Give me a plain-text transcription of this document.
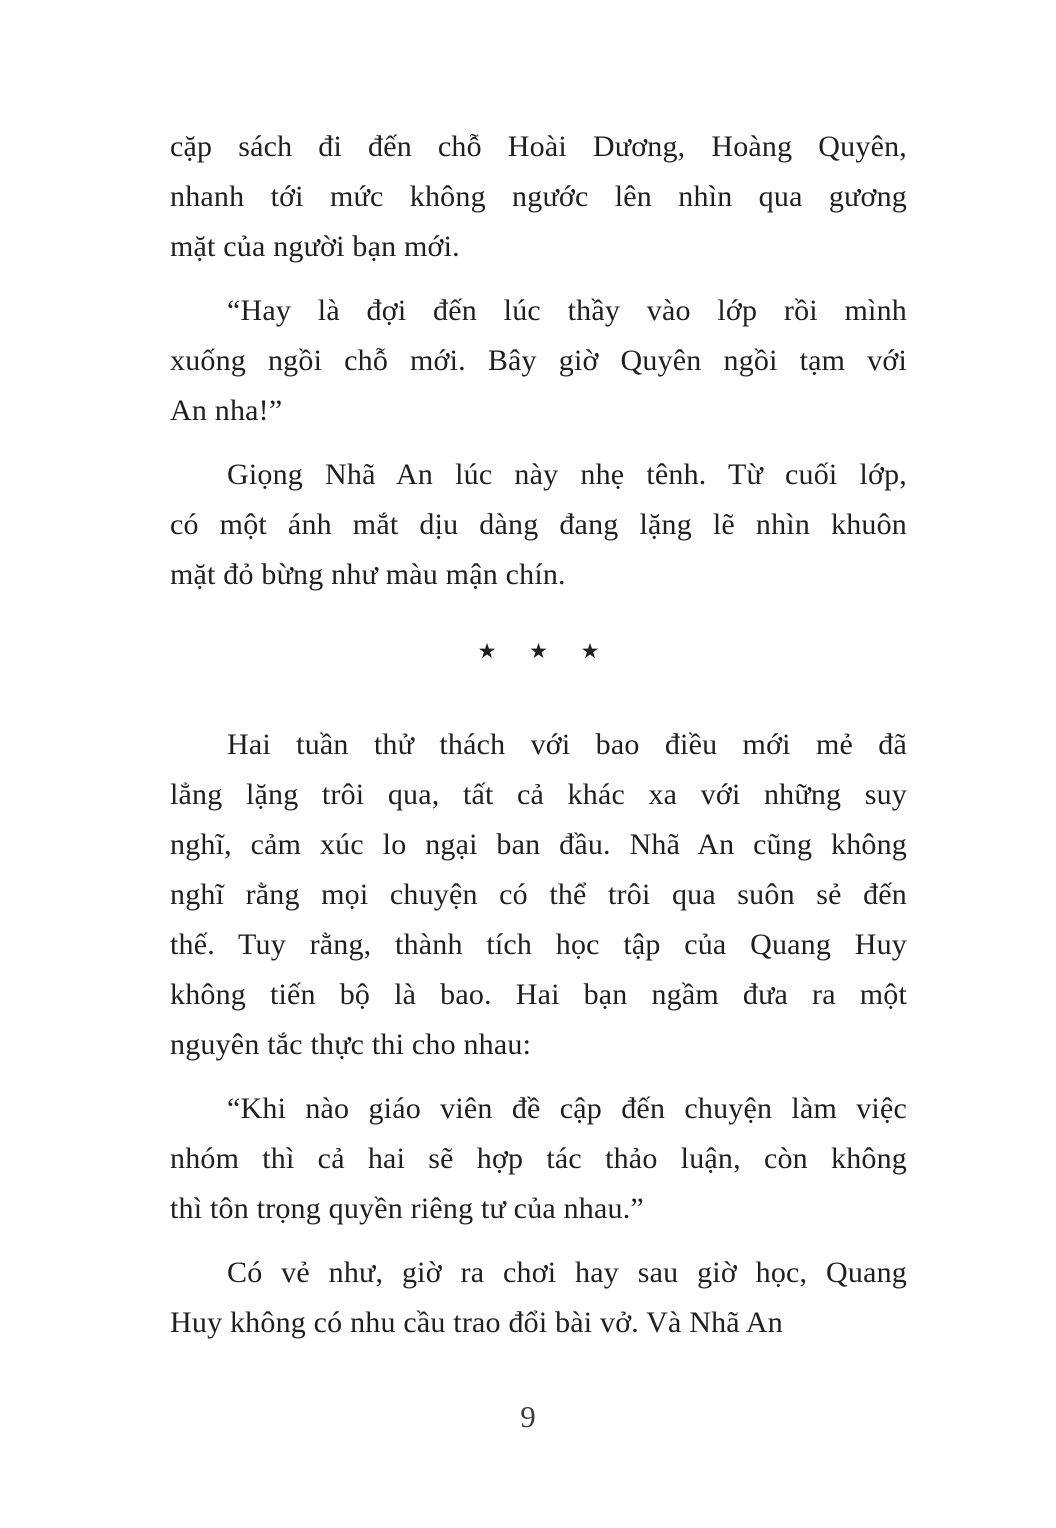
cặp sách đi đến chỗ Hoài Dương, Hoàng Quyên,
nhanh tới mức không ngước lên nhìn qua gương
mặt của người bạn mới.
“Hay là đợi đến lúc thầy vào lớp rồi mình
xuống ngồi chỗ mới. Bây giờ Quyên ngồi tạm với
An nha!”
Giọng Nhã An lúc này nhẹ tênh. Từ cuối lớp,
có một ánh mắt dịu dàng đang lặng lẽ nhìn khuôn
mặt đỏ bừng như màu mận chín.
★ ★ ★
Hai tuần thử thách với bao điều mới mẻ đã
lẳng lặng trôi qua, tất cả khác xa với những suy
nghĩ, cảm xúc lo ngại ban đầu. Nhã An cũng không
nghĩ rằng mọi chuyện có thể trôi qua suôn sẻ đến
thế. Tuy rằng, thành tích học tập của Quang Huy
không tiến bộ là bao. Hai bạn ngầm đưa ra một
nguyên tắc thực thi cho nhau:
“Khi nào giáo viên đề cập đến chuyện làm việc
nhóm thì cả hai sẽ hợp tác thảo luận, còn không
thì tôn trọng quyền riêng tư của nhau.”
Có vẻ như, giờ ra chơi hay sau giờ học, Quang
Huy không có nhu cầu trao đổi bài vở. Và Nhã An
9
